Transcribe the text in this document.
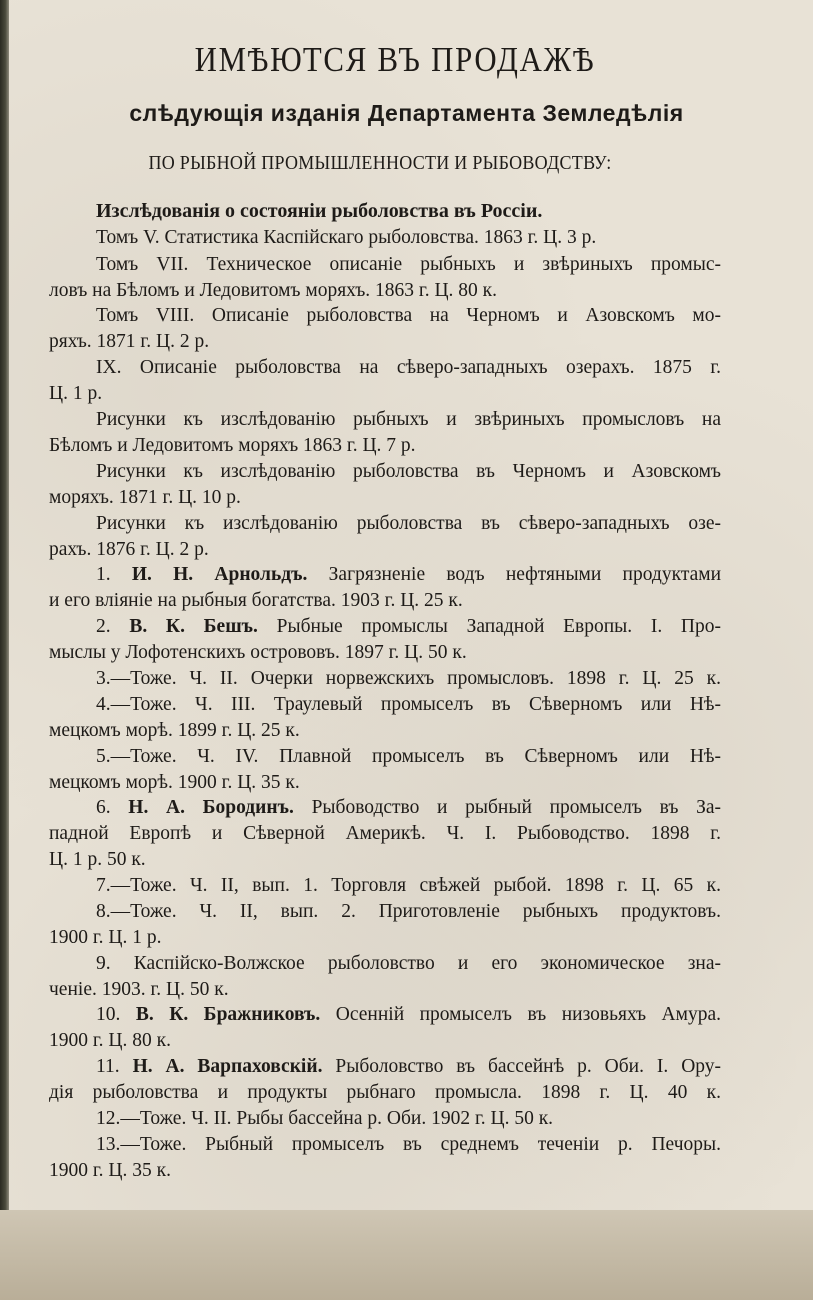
ИМѢЮТСЯ ВЪ ПРОДАЖѢ
слѣдующія изданія Департамента Земледѣлія
ПО РЫБНОЙ ПРОМЫШЛЕННОСТИ И РЫБОВОДСТВУ:
Изслѣдованія о состояніи рыболовства въ Россіи.
Томъ V. Статистика Каспійскаго рыболовства. 1863 г. Ц. 3 р.
Томъ VII. Техническое описаніе рыбныхъ и звѣриныхъ промыс-
ловъ на Бѣломъ и Ледовитомъ моряхъ. 1863 г. Ц. 80 к.
Томъ VIII. Описаніе рыболовства на Черномъ и Азовскомъ мо-
ряхъ. 1871 г. Ц. 2 р.
IX. Описаніе рыболовства на сѣверо-западныхъ озерахъ. 1875 г.
Ц. 1 р.
Рисунки къ изслѣдованію рыбныхъ и звѣриныхъ промысловъ на
Бѣломъ и Ледовитомъ моряхъ 1863 г. Ц. 7 р.
Рисунки къ изслѣдованію рыболовства въ Черномъ и Азовскомъ
моряхъ. 1871 г. Ц. 10 р.
Рисунки къ изслѣдованію рыболовства въ сѣверо-западныхъ озе-
рахъ. 1876 г. Ц. 2 р.
1. И. Н. Арнольдъ. Загрязненіе водъ нефтяными продуктами
и его вліяніе на рыбныя богатства. 1903 г. Ц. 25 к.
2. В. К. Бешъ. Рыбные промыслы Западной Европы. I. Про-
мыслы у Лофотенскихъ острововъ. 1897 г. Ц. 50 к.
3.—Тоже. Ч. II. Очерки норвежскихъ промысловъ. 1898 г. Ц. 25 к.
4.—Тоже. Ч. III. Траулевый промыселъ въ Сѣверномъ или Нѣ-
мецкомъ морѣ. 1899 г. Ц. 25 к.
5.—Тоже. Ч. IV. Плавной промыселъ въ Сѣверномъ или Нѣ-
мецкомъ морѣ. 1900 г. Ц. 35 к.
6. Н. А. Бородинъ. Рыбоводство и рыбный промыселъ въ За-
падной Европѣ и Сѣверной Америкѣ. Ч. I. Рыбоводство. 1898 г.
Ц. 1 р. 50 к.
7.—Тоже. Ч. II, вып. 1. Торговля свѣжей рыбой. 1898 г. Ц. 65 к.
8.—Тоже. Ч. II, вып. 2. Приготовленіе рыбныхъ продуктовъ.
1900 г. Ц. 1 р.
9. Каспійско-Волжское рыболовство и его экономическое зна-
ченіе. 1903. г. Ц. 50 к.
10. В. К. Бражниковъ. Осенній промыселъ въ низовьяхъ Амура.
1900 г. Ц. 80 к.
11. Н. А. Варпаховскій. Рыболовство въ бассейнѣ р. Оби. I. Ору-
дія рыболовства и продукты рыбнаго промысла. 1898 г. Ц. 40 к.
12.—Тоже. Ч. II. Рыбы бассейна р. Оби. 1902 г. Ц. 50 к.
13.—Тоже. Рыбный промыселъ въ среднемъ теченіи р. Печоры.
1900 г. Ц. 35 к.
